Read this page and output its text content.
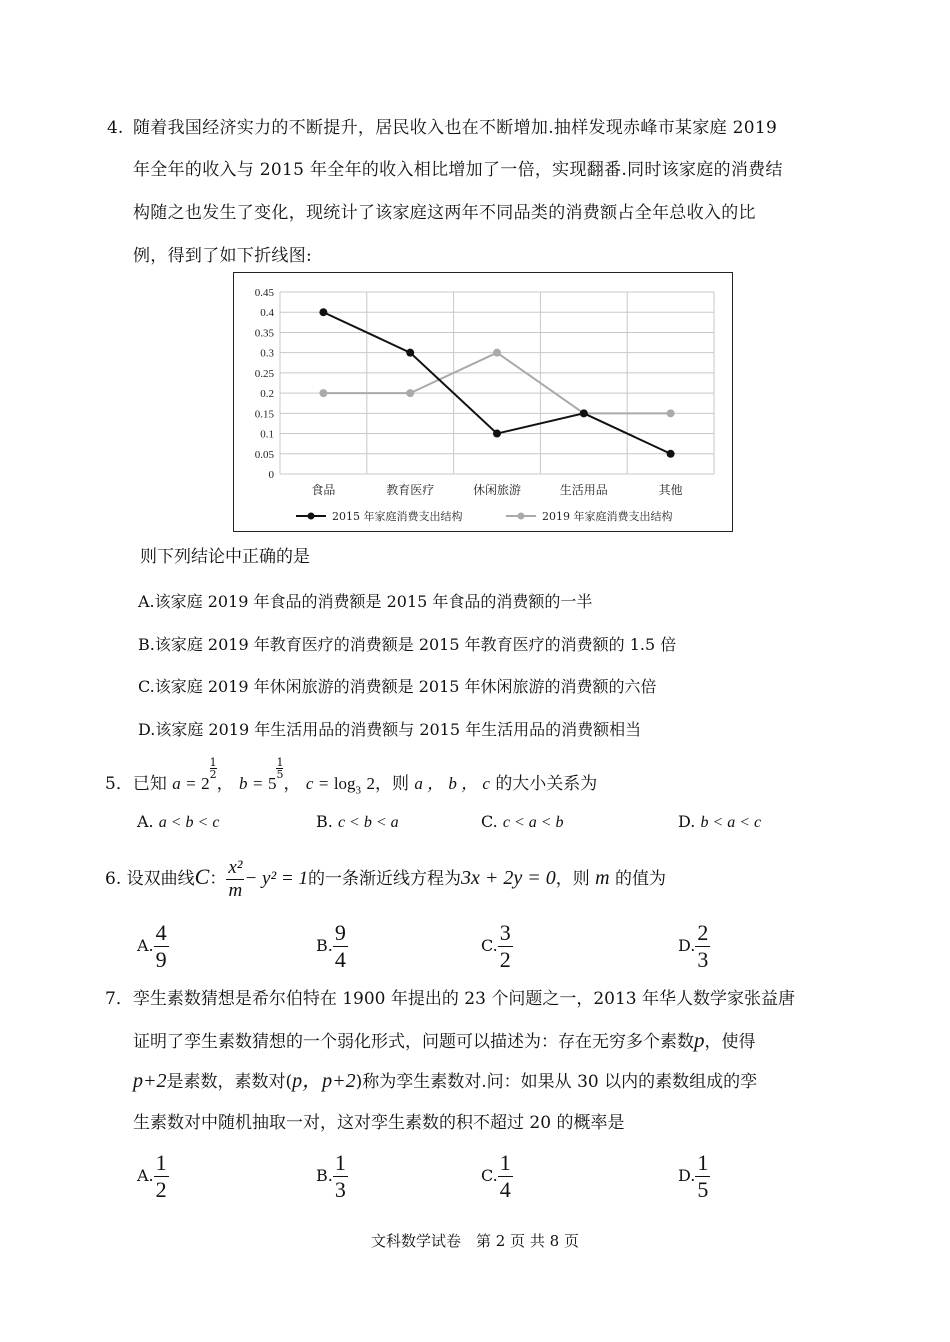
4. 随着我国经济实力的不断提升，居民收入也在不断增加.抽样发现赤峰市某家庭 2019
年全年的收入与 2015 年全年的收入相比增加了一倍，实现翻番.同时该家庭的消费结
构随之也发生了变化，现统计了该家庭这两年不同品类的消费额占全年总收入的比
例，得到了如下折线图:
0
0.05
0.1
0.15
0.2
0.25
0.3
0.35
0.4
0.45
食品	教育医疗	休闲旅游	生活用品	其他
2015 年家庭消费支出结构	2019 年家庭消费支出结构
则下列结论中正确的是
A.该家庭 2019 年食品的消费额是 2015 年食品的消费额的一半
B.该家庭 2019 年教育医疗的消费额是 2015 年教育医疗的消费额的 1.5 倍
C.该家庭 2019 年休闲旅游的消费额是 2015 年休闲旅游的消费额的六倍
D.该家庭 2019 年生活用品的消费额与 2015 年生活用品的消费额相当
5．已知 a = 2
$\frac{1}{2}$
， b = 5
$\frac{1}{5}$
， $c = \log_3 2$，则 a ， b ， c 的大小关系为
A. a < b < c	B. c < b < a	C. c < a < b	D. b < a < c
6. 设双曲线C： $\frac{\text{x²}}{m} - y^2 = 1$的一条渐近线方程为3x + 2y = 0，则 m 的值为
A. $\frac{4}{9}$	B. $\frac{9}{4}$	C. $\frac{3}{2}$	D. $\frac{2}{3}$
7．孪生素数猜想是希尔伯特在 1900 年提出的 23 个问题之一，2013 年华人数学家张益唐
证明了孪生素数猜想的一个弱化形式，问题可以描述为：存在无穷多个素数p，使得
p+2是素数，素数对(p，p+2)称为孪生素数对.问：如果从 30 以内的素数组成的孪
生素数对中随机抽取一对，这对孪生素数的积不超过 20 的概率是
A. $\frac{1}{2}$	B. $\frac{1}{3}$	C. $\frac{1}{4}$	D. $\frac{1}{5}$
文科数学试卷　第 2 页 共 8 页
